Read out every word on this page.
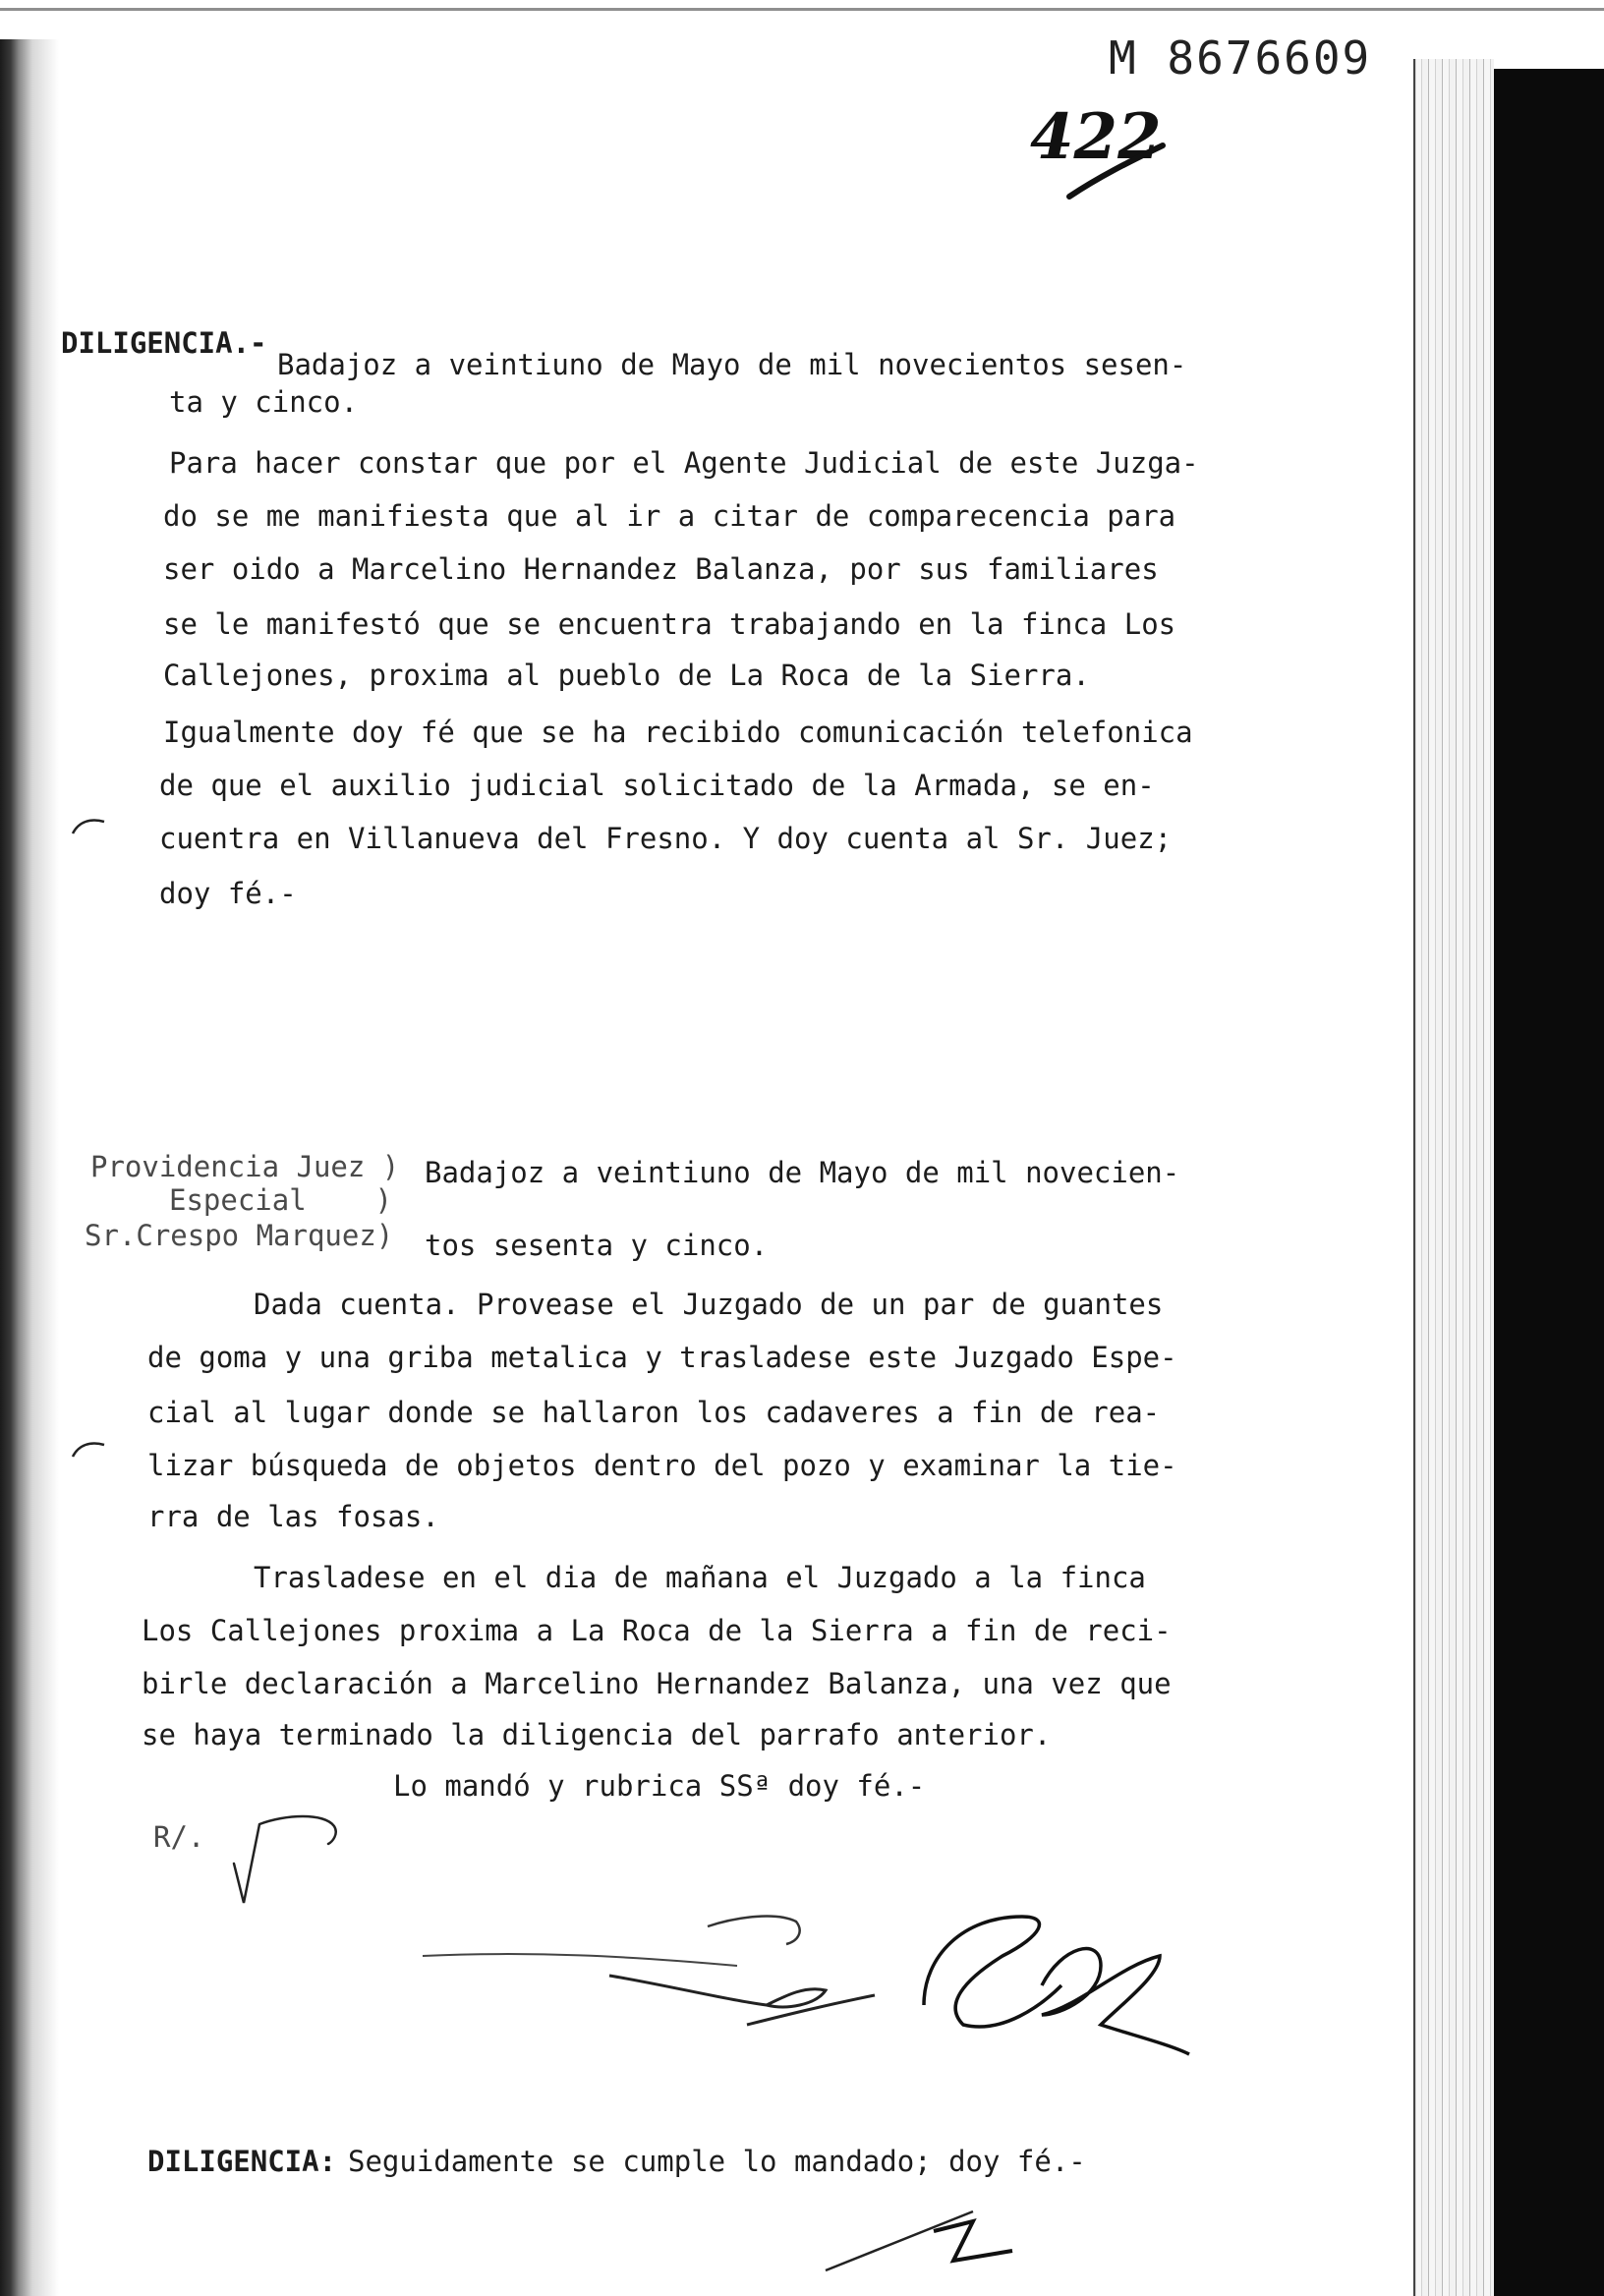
M 8676609
422
DILIGENCIA.-
Badajoz a veintiuno de Mayo de mil novecientos sesen-
ta y cinco.
Para hacer constar que por el Agente Judicial de este Juzga-
do se me manifiesta que al ir a citar de comparecencia para
ser oido a Marcelino Hernandez Balanza, por sus familiares
se le manifestó que se encuentra trabajando en la finca Los
Callejones, proxima al pueblo de La Roca de la Sierra.
Igualmente doy fé que se ha recibido comunicación telefonica
de que el auxilio judicial solicitado de la Armada, se en-
cuentra en Villanueva del Fresno. Y doy cuenta al Sr. Juez;
doy fé.-
Providencia Juez )
Especial    )
Sr.Crespo Marquez)
Badajoz a veintiuno de Mayo de mil novecien-
tos sesenta y cinco.
Dada cuenta. Provease el Juzgado de un par de guantes
de goma y una griba metalica y trasladese este Juzgado Espe-
cial al lugar donde se hallaron los cadaveres a fin de rea-
lizar búsqueda de objetos dentro del pozo y examinar la tie-
rra de las fosas.
Trasladese en el dia de mañana el Juzgado a la finca
Los Callejones proxima a La Roca de la Sierra a fin de reci-
birle declaración a Marcelino Hernandez Balanza, una vez que
se haya terminado la diligencia del parrafo anterior.
Lo mandó y rubrica SSª doy fé.-
R/.
DILIGENCIA: Seguidamente se cumple lo mandado; doy fé.-
